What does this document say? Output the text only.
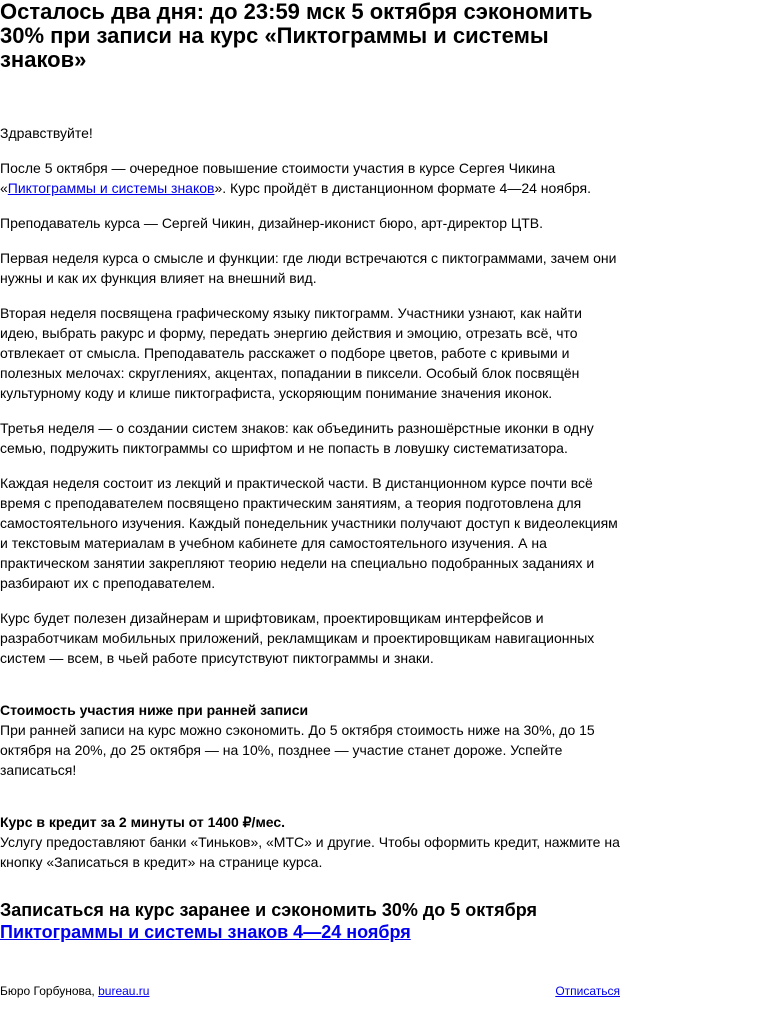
Осталось два дня: до 23:59 мск 5 октября сэкономить 30% при записи на курс «Пиктограммы и системы знаков»

Здравствуйте!

После 5 октября — очередное повышение стоимости участия в курсе Сергея Чикина «Пиктограммы и системы знаков». Курс пройдёт в дистанционном формате 4—24 ноября.

Преподаватель курса — Сергей Чикин, дизайнер-иконист бюро, арт-директор ЦТВ.

Первая неделя курса о смысле и функции: где люди встречаются с пиктограммами, зачем они нужны и как их функция влияет на внешний вид.

Вторая неделя посвящена графическому языку пиктограмм. Участники узнают, как найти идею, выбрать ракурс и форму, передать энергию действия и эмоцию, отрезать всё, что отвлекает от смысла. Преподаватель расскажет о подборе цветов, работе с кривыми и полезных мелочах: скруглениях, акцентах, попадании в пиксели. Особый блок посвящён культурному коду и клише пиктографиста, ускоряющим понимание значения иконок.

Третья неделя — о создании систем знаков: как объединить разношёрстные иконки в одну семью, подружить пиктограммы со шрифтом и не попасть в ловушку систематизатора.

Каждая неделя состоит из лекций и практической части. В дистанционном курсе почти всё время с преподавателем посвящено практическим занятиям, а теория подготовлена для самостоятельного изучения. Каждый понедельник участники получают доступ к видеолекциям и текстовым материалам в учебном кабинете для самостоятельного изучения. А на практическом занятии закрепляют теорию недели на специально подобранных заданиях и разбирают их с преподавателем.

Курс будет полезен дизайнерам и шрифтовикам, проектировщикам интерфейсов и разработчикам мобильных приложений, рекламщикам и проектировщикам навигационных систем — всем, в чьей работе присутствуют пиктограммы и знаки.

Стоимость участия ниже при ранней записи
При ранней записи на курс можно сэкономить. До 5 октября стоимость ниже на 30%, до 15 октября на 20%, до 25 октября — на 10%, позднее — участие станет дороже. Успейте записаться!
Курс в кредит за 2 минуты от 1400 ₽/мес.
Услугу предоставляют банки «Тиньков», «МТС» и другие. Чтобы оформить кредит, нажмите на кнопку «Записаться в кредит» на странице курса.
Записаться на курс заранее и сэкономить 30% до 5 октября
Пиктограммы и системы знаков 4—24 ноября
Бюро Горбунова, bureau.ru	Отписаться
